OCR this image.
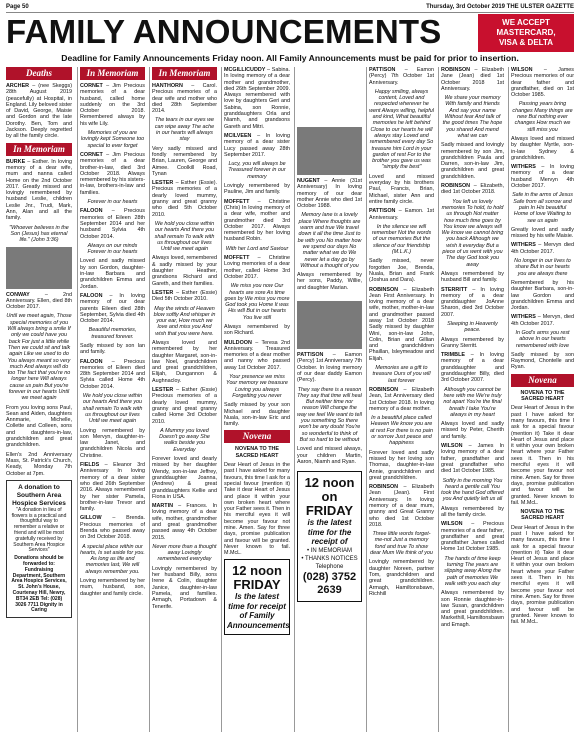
Page 50	Thursday, 3rd October 2019 THE ULSTER GAZETTE
FAMILY ANNOUNCEMENTS	WE ACCEPT
MASTERCARD,
VISA & DELTA
Deadline for Family Announcements Friday noon. All Family Announcements must be paid for prior to insertion.
Deaths
ARCHER – (nee Skeggs) 28th August 2019 (peacefully) at Hospital, in England. Lily beloved sister of David, George, Maisie and Gordon and the late Dorothy. Ben, Tom and Jackson. Deeply regretted by all the family circle.
In Memoriam
BURKE – Esther. In loving memory of a dear wife, mum and nanna called Home on the 2nd October 2017. Greatly missed and lovingly remembered by husband Leslie, children Leslie Jnr., Trudi, Mark, Ann, Alan and all the family.
"Whoever believes in the Son (Jesus) has eternal life." (John 3:36)
CONWAY	– 2nd Anniversary. Ellen, died 8th October 2017.
Until we meet again, Those special memories of you Will always bring a smile If only we could have you back For just a little while Then we could sit and talk again Like we used to do You always meant so very much And always will do too The fact that you're no longer here Will always cause us pain But you're forever in our hearts Until we meet again
From you loving sons Paul, Sean and Aiden, daughters Annmarie, Michelle, Collette and Colleen, sons and daughters-in-law, grandchildren and great grandchildren.
Ellen's 2nd Anniversary Mass, St. Patrick's Church, Keady, Monday 7th October at 7pm.
A donation to Southern Area Hospice Services
"A donation in lieu of flowers is a practical and thoughtful way to remember a relative or friend and will be most gratefully received by Southern Area Hospice Services"
Donations should be forwarded to: Fundraising Department, Southern Area Hospice Services, St. John's House, Courtenay Hill, Newry, BT34 2EB Tel: (028) 3026 7711 Dignity in Caring
In Memoriam
CORNET – Jim Precious memories of a dear husband, called home suddenly on the 3rd October 2018. Remembered always by his wife Lily.
Memories of you are lovingly kept Someone too special to ever forget
CORNET – Jim Precious memories of a dear brother-in-law, died 3rd October 2018. Always remembered by his sisters-in-law, brothers-in-law and families.
Forever in our hearts
FALOON – Precious memories of Eileen 28th September 2014 and her husband Sylvia 4th October 2014.
Always on our minds Forever in our hearts
Loved and sadly missed by son Gordon, daughter-in-law Barbara and grandchildren Emma and Jordan.
FALOON – In loving memory of our dear parents Eileen died 28th September, Sylvia died 4th October 2014.
Beautiful memories, treasured forever.
Sadly missed by son Ian and family.
FALOON – Precious memories of Eileen died 28th September 2014 and Sylvia called Home 4th October 2014.
We hold you close within our hearts And there you shall remain To walk with us throughout our lives Until we meet again
Loving remembered by son Mervyn, daughter-in-law Janet, and grandchildren Nicola and Christine.
FIELDS – Eleanor 3rd Anniversary In loving memory of a dear sister who died 26th September 2016. Always remembered by her sister Pamela, brother-in-law Trevor and family.
GILLOW – Brenda. Precious memories of Brenda who passed away on 3rd October 2018.
A special place within our hearts, Is set aside for you. As long as life and memories last, We will always remember you.
Loving remembered by her mum, husband, son, daughter and family circle.
In Memoriam
HANTHORN – Carol. Precious memories of a dear wife and mother who died 28th September 2014.
The tears in our eyes we can wipe away The ache in our hearts will always stay
Very sadly missed and fondly remembered by Brian, Lauren, George and Aimee. Coolkill Road, Tynan
LESTER – Esther (Essie). Precious memories of a dearly loved mummy, granny and great granny who died 5th October 2010.
We hold you close within our hearts And there you shall remain To walk with us throughout our lives Until we meet again
Always loved, remembered & sadly missed by your daughter Heather, grandsons Richard and Gareth, and their families.
LESTER – Esther (Essie) Died 5th October 2010.
May the winds of Heaven blow softly And whisper in your ear, How much we love and miss you And wish that you were here.
Always loved and remembered by her daughter Margaret, son-in-law Noel, grandchildren and great grandchildren, Elijah, Dungannon & Aughnacloy.
LESTER – Esther (Essie) Precious memories of a dearly loved mummy, granny and great granny called Home 3rd October 2010.
A Mummy you loved Doesn't go away She walks beside you Everyday
Forever loved and dearly missed by her daughter Wendy, son-in-law Jeffrey, granddaughter Joanna, (Andrew) & great granddaughters Kellie and Fiona in USA.
MARTIN – Frances. In loving memory of a dear wife, mother, grandmother and great grandmother passed away 4th October 2015.
Never more than a thought away Lovingly remembered everyday
Lovingly remembered by her husband Billy, sons Irene & Colin, daughter Janice, daughter-in-law Pamela, and families. Armagh, Portadown & Tenerife.
MCGILLICUDDY – Sabina. In loving memory of a dear mother and grandmother, died 26th September 2009. Always remembered with love by daughters Geri and Sabina, son Ronnie, granddaughters Orla and Niamh, and grandsons Gareth and Mitri.
MCILVEEN – In loving memory of a dear sister Lucy passed away 28th September 2017.
Lucy, you will always be Treasured forever in our memory
Lovingly remembered by Pauline, Jim and family.
MOFFETT – Christine (Chris) In loving memory of a dear wife, mother and grandmother died 3rd October 2017. Always remembered by her loving husband Robin.
With her Lord and Saviour
MOFFETT – Christine Loving memories of a dear mother, called Home 3rd October 2017.
We miss you now Our hearts are sore As time goes by We miss you more God took you Home It was His will But in our hearts You live still
Always remembered by son Richard.
MULDOON – Teresa 2nd Anniversary. Treasured memories of a dear mother and nanny who passed away 1st October 2017.
Your presence we miss Your memory we treasure Loving you always Forgetting you never
Sadly missed by your son Michael and daughter Nuala, son-in-law Eric and family.
Novena
NOVENA TO THE SACRED HEART
Dear Heart of Jesus in the past I have asked for many favours, this time I ask for a special favour (mention it) Take it dear Heart of Jesus and place it within your own broken heart where your Father sees it. Then in his merciful eyes it will become your favour not mine. Amen. Say for three days, promise publication and favour will be granted. Never known to fail. M.McL.
12 noon
FRIDAY
Is the latest time for receipt of Family Announcements
NUGENT – Annie (31st Anniversary) In loving memory of our dear mother Annie who died 1st October 1988.
Memory lane is a lovely place Where thoughts are warm and true We travel down it all the time Just to be with you No matter how we spend our days No matter what we do We never let a day go by Without a thought of you
Always remembered by her sons, Paddy, Willie, and daughter Marian.
PATTISON – Eamon (Percy) 1st Anniversary 7th October. In loving memory of our dear daddy Eamon (Percy).
They say there is a reason They say that time will heal But neither time nor reason Will change the way we feel We want to tell you something So there won't be any doubt You're so wonderful to think of But so hard to be without
Loved and missed always, your children Martin, Aaron, Niamh and Ryan.
12 noon on
FRIDAY
is the latest time for the receipt of
• IN MEMORIAM
• THANKS NOTICES
Telephone
(028) 3752 2639
PATTISON – Eamon (Percy) 7th October 1st Anniversary.
Happy smiling, always content, Loved and respected wherever he went Always willing, helpful and kind, What beautiful memories he left behind Close to our hearts he will always stay Loved and remembered every day So treasure him Lord in your garden of rest For to the brother you gave us was "simply the best"
Loved and missed everyday by his brothers Paul, Francis, Brian, Michael, sister Ann and entire family circle.
PATTISON – Eamon. 1st Anniversary.
In the silence we will remember Not the words of our memories But the silence of our friendship (M.L.K.)
Sadly missed, never forgotten Joe, Brenda, Nuala, Brian and Frank (Joshua and Dara).
ROBINSON – Elizabeth Jean First Anniversary. In loving memory of a dear wife, mother, mother-in-law and grandmother passed away 1st October 2018 Sadly missed by daughter Wini, son-in-law John, Colin, Brian and Gillian and grandchildren Phaillan, Isleymeadow and Elijah.
Memories are a gift to treasure Ours of you will last forever
ROBINSON – Elizabeth Jean, 1st Anniversary died 1st October 2018. In loving memory of a dear mother.
In a beautiful place called Heaven We know you are at rest For there is no pain or sorrow Just peace and happiness
Forever loved and sadly missed by her loving son Thomas, daughter-in-law Annie, grandchildren and great grandchildren.
ROBINSON – Elizabeth Jean (Jean). First Anniversary. In loving memory of a dear mum, granny and Great Granny who died 1st October 2018.
Three little words forget-me-not Just a memory fond and true To show dear Mum We think of you
Lovingly remembered by daughter Noreen, partner Tom, grandchildren and great grandchildren. Armagh, Hamiltonsbawn, Richhill
ROBINSON – Elizabeth Jane (Jean) died 1st October 2018 1st Anniversary.
We share your memory With family and friends And say your name Without fear And talk of the good times The hope you shared And mend what we can
Sadly missed and lovingly remembered by son Jim, grandchildren Paula and Darren, son-in-law Jim, grandchildren and great grandchildren.
ROBINSON – Elizabeth, died 1st October 2018.
You left us lovely memories To hold, to hold us through Not matter how much time goes by You know we always will We know we cannot bring you back Although we wish it everyday But a piece of us went with you The day God took you away
Always remembered by husband Bill and family.
STERRITT – In loving memory of a dear granddaughter JoAnne Sharon, died 3rd October 2007.
Sleeping in Heavenly peace.
Always remembered by Granny Sterritt.
TRIMBLE – In loving memory of a dear granddaughter and granddaughter Billy, died 3rd October 2007.
Although you cannot be here with me We're truly not apart You're the final breath I take You're always in my heart
Always loved and sadly missed by Peter, Cherith and family.
WILSON – James In loving memory of a dear father, grandfather and great grandfather who died 1st October 1985.
Softly in the morning You heard a gentle call You took the hand God offered you And quietly left us all
Always remembered by all the family circle.
WILSON – Precious memories of a dear father, grandfather and great grandfather James called Home 1st October 1985.
The hands of time keep turning The years are slipping away Along the path of memories We walk with you each day
Always remembered by son Ronnie daughter-in-law Susan, grandchildren and great grandchildren. Markethill, Hamiltonsbawn and Emagh.
WILSON – James Precious memories of our dear father and grandfather, died on 1st October 1985.
Passing years bring changes Many things are new But nothing ever changes How much we still miss you
Always loved and missed by daughter Myrtle, son-in-law Sydney & grandchildren.
WITHERS – In loving memory of a dear husband Mervyn 4th October 2017.
Safe in the arms of Jesus Safe from all sorrow and pain In His beautiful Home of love Waiting to see us again
Greatly loved and sadly missed by his wife Maisie.
WITHERS – Mervyn died 4th October 2017.
No longer in our lives to share But in our hearts you are always there
Remembered by his daughter Barbara, son-in-law Gordon and grandchildren Emma and Jordan.
WITHERS – Mervyn, died 4th October 2017.
In God's arms you rest above In our hearts remembered with love
Sadly missed by son Raymond, Chontelle and Ryan.
Novena
NOVENA TO THE SACRED HEART
Dear Heart of Jesus in the past I have asked for many favours, this time I ask for a special favour (mention it) Take it dear Heart of Jesus and place it within your own broken heart where your Father sees it. Then in his merciful eyes it will become your favour not mine. Amen. Say for three days, promise publication and favour will be granted. Never known to fail. M.McL.
NOVENA TO THE SACRED HEART
Dear Heart of Jesus in the past I have asked for many favours, this time I ask for a special favour (mention it) Take it dear Heart of Jesus and place it within your own broken heart where your Father sees it. Then in his merciful eyes it will become your favour not mine. Amen. Say for three days, promise publication and favour will be granted. Never known to fail. M.McL.
